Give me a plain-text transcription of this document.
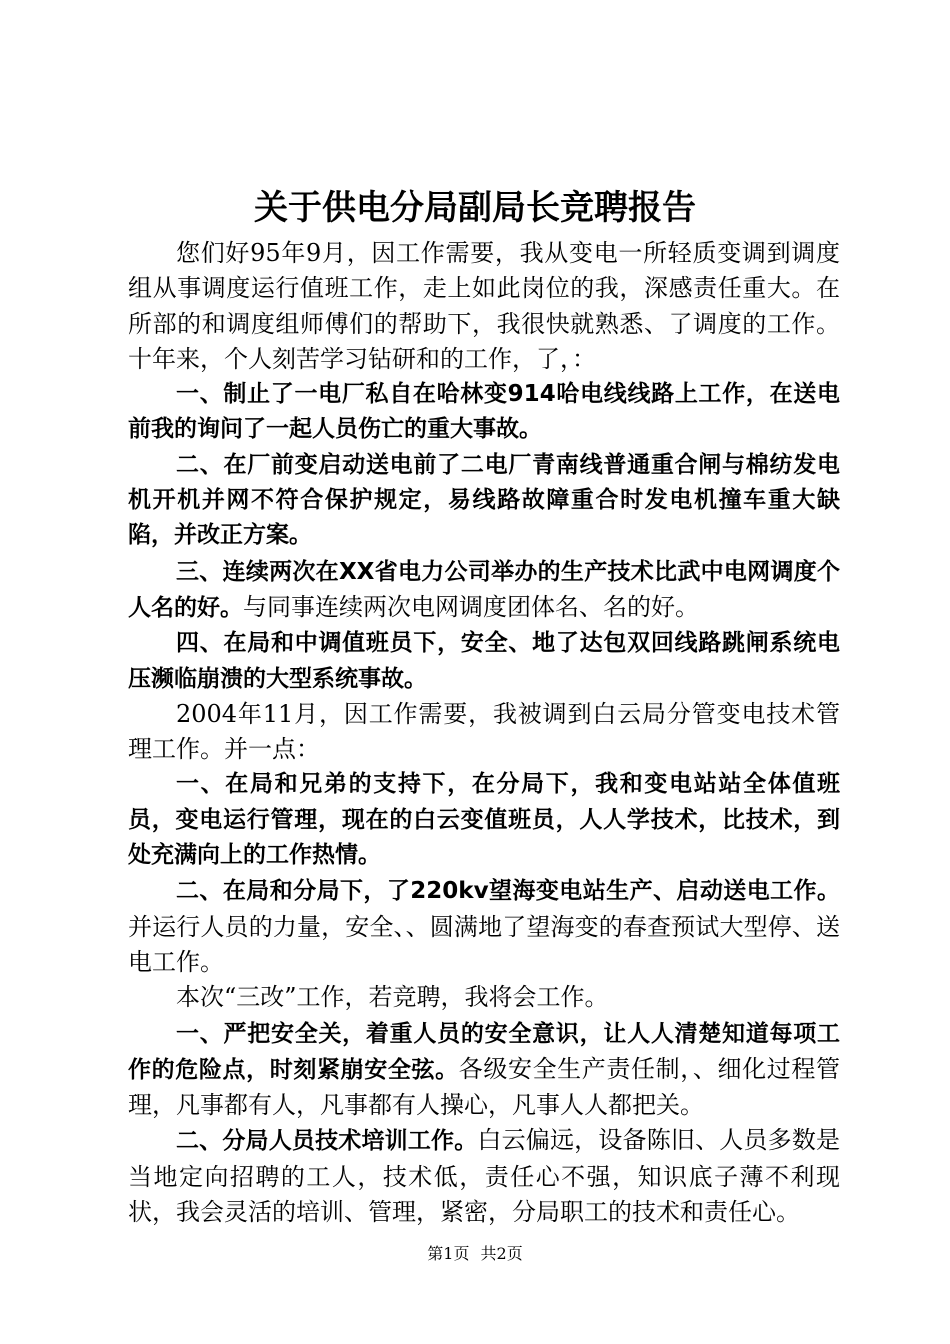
关于供电分局副局长竞聘报告

您们好95年9月，因工作需要，我从变电一所轻质变调到调度组从事调度运行值班工作，走上如此岗位的我，深感责任重大。在所部的和调度组师傅们的帮助下，我很快就熟悉、了调度的工作。十年来，个人刻苦学习钻研和的工作，了，：

一、制止了一电厂私自在哈林变914哈电线线路上工作，在送电前我的询问了一起人员伤亡的重大事故。

二、在厂前变启动送电前了二电厂青南线普通重合闸与棉纺发电机开机并网不符合保护规定，易线路故障重合时发电机撞车重大缺陷，并改正方案。

三、连续两次在XX省电力公司举办的生产技术比武中电网调度个人名的好。与同事连续两次电网调度团体名、名的好。

四、在局和中调值班员下，安全、地了达包双回线路跳闸系统电压濒临崩溃的大型系统事故。

2004年11月，因工作需要，我被调到白云局分管变电技术管理工作。并一点：

一、在局和兄弟的支持下，在分局下，我和变电站站全体值班员，变电运行管理，现在的白云变值班员，人人学技术，比技术，到处充满向上的工作热情。

二、在局和分局下，了220kv望海变电站生产、启动送电工作。并运行人员的力量，安全、、圆满地了望海变的春查预试大型停、送电工作。

本次“三改”工作，若竞聘，我将会工作。

一、严把安全关，着重人员的安全意识，让人人清楚知道每项工作的危险点，时刻紧崩安全弦。各级安全生产责任制，、细化过程管理，凡事都有人，凡事都有人操心，凡事人人都把关。

二、分局人员技术培训工作。白云偏远，设备陈旧、人员多数是当地定向招聘的工人，技术低，责任心不强，知识底子薄不利现状，我会灵活的培训、管理，紧密，分局职工的技术和责任心。

第1页 共2页
